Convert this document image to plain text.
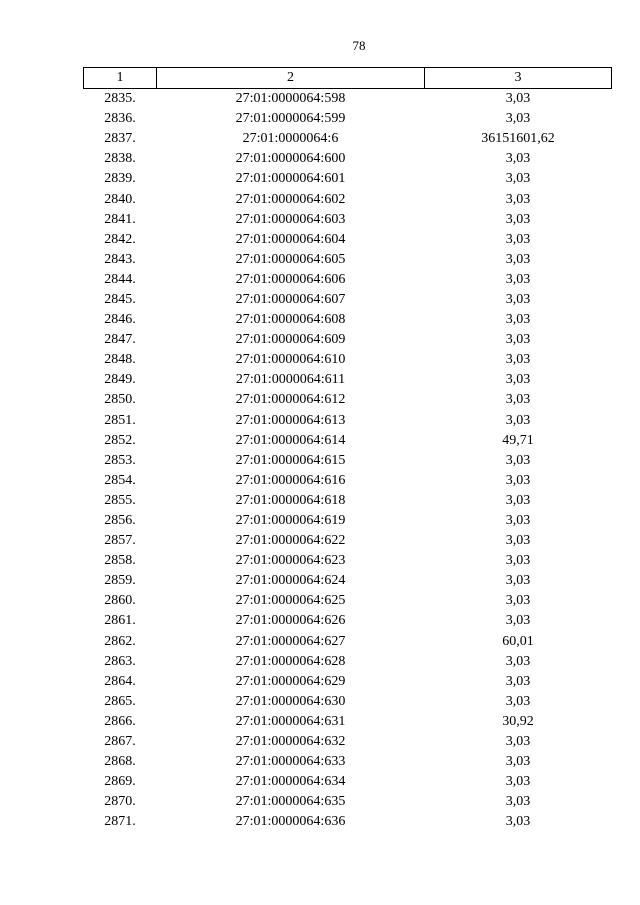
78
1	2	3
2835.	27:01:0000064:598	3,03
2836.	27:01:0000064:599	3,03
2837.	27:01:0000064:6	36151601,62
2838.	27:01:0000064:600	3,03
2839.	27:01:0000064:601	3,03
2840.	27:01:0000064:602	3,03
2841.	27:01:0000064:603	3,03
2842.	27:01:0000064:604	3,03
2843.	27:01:0000064:605	3,03
2844.	27:01:0000064:606	3,03
2845.	27:01:0000064:607	3,03
2846.	27:01:0000064:608	3,03
2847.	27:01:0000064:609	3,03
2848.	27:01:0000064:610	3,03
2849.	27:01:0000064:611	3,03
2850.	27:01:0000064:612	3,03
2851.	27:01:0000064:613	3,03
2852.	27:01:0000064:614	49,71
2853.	27:01:0000064:615	3,03
2854.	27:01:0000064:616	3,03
2855.	27:01:0000064:618	3,03
2856.	27:01:0000064:619	3,03
2857.	27:01:0000064:622	3,03
2858.	27:01:0000064:623	3,03
2859.	27:01:0000064:624	3,03
2860.	27:01:0000064:625	3,03
2861.	27:01:0000064:626	3,03
2862.	27:01:0000064:627	60,01
2863.	27:01:0000064:628	3,03
2864.	27:01:0000064:629	3,03
2865.	27:01:0000064:630	3,03
2866.	27:01:0000064:631	30,92
2867.	27:01:0000064:632	3,03
2868.	27:01:0000064:633	3,03
2869.	27:01:0000064:634	3,03
2870.	27:01:0000064:635	3,03
2871.	27:01:0000064:636	3,03
